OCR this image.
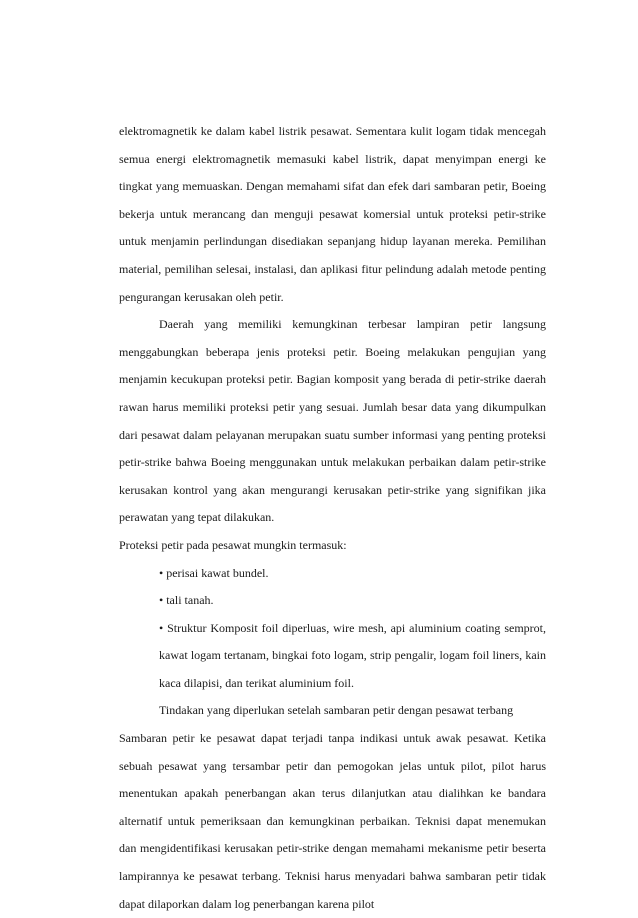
elektromagnetik ke dalam kabel listrik pesawat. Sementara kulit logam tidak mencegah semua energi elektromagnetik memasuki kabel listrik, dapat menyimpan energi ke tingkat yang memuaskan. Dengan memahami sifat dan efek dari sambaran petir, Boeing bekerja untuk merancang dan menguji pesawat komersial untuk proteksi petir-strike untuk menjamin perlindungan disediakan sepanjang hidup layanan mereka. Pemilihan material, pemilihan selesai, instalasi, dan aplikasi fitur pelindung adalah metode penting pengurangan kerusakan oleh petir.

Daerah yang memiliki kemungkinan terbesar lampiran petir langsung menggabungkan beberapa jenis proteksi petir. Boeing melakukan pengujian yang menjamin kecukupan proteksi petir. Bagian komposit yang berada di petir-strike daerah rawan harus memiliki proteksi petir yang sesuai. Jumlah besar data yang dikumpulkan dari pesawat dalam pelayanan merupakan suatu sumber informasi yang penting proteksi petir-strike bahwa Boeing menggunakan untuk melakukan perbaikan dalam petir-strike kerusakan kontrol yang akan mengurangi kerusakan petir-strike yang signifikan jika perawatan yang tepat dilakukan.

Proteksi petir pada pesawat mungkin termasuk:

• perisai kawat bundel.

• tali tanah.

• Struktur Komposit foil diperluas, wire mesh, api aluminium coating semprot, kawat logam tertanam, bingkai foto logam, strip pengalir, logam foil liners, kain kaca dilapisi, dan terikat aluminium foil.

Tindakan yang diperlukan setelah sambaran petir dengan pesawat terbang

Sambaran petir ke pesawat dapat terjadi tanpa indikasi untuk awak pesawat. Ketika sebuah pesawat yang tersambar petir dan pemogokan jelas untuk pilot, pilot harus menentukan apakah penerbangan akan terus dilanjutkan atau dialihkan ke bandara alternatif untuk pemeriksaan dan kemungkinan perbaikan. Teknisi dapat menemukan dan mengidentifikasi kerusakan petir-strike dengan memahami mekanisme petir beserta lampirannya ke pesawat terbang. Teknisi harus menyadari bahwa sambaran petir tidak dapat dilaporkan dalam log penerbangan karena pilot
